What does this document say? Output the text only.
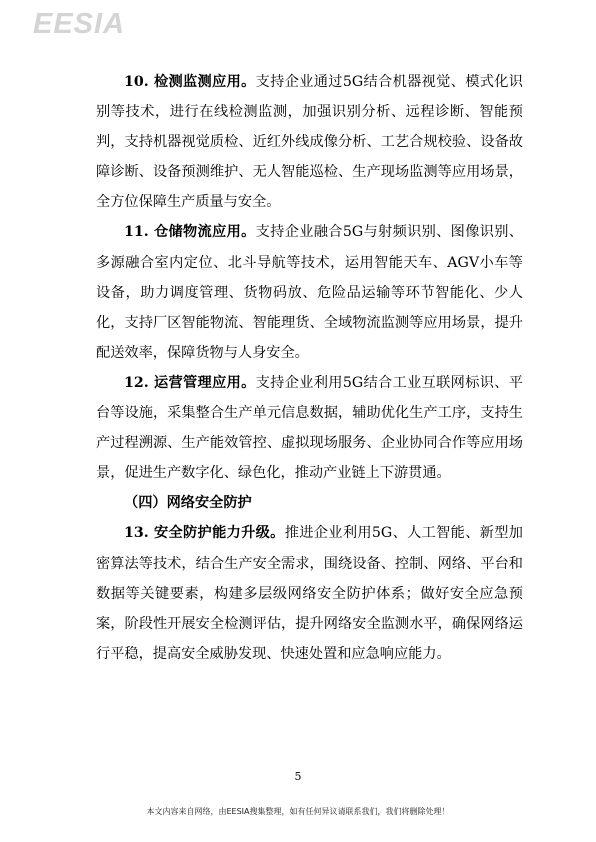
EESIA

10. 检测监测应用。支持企业通过5G结合机器视觉、模式化识别等技术，进行在线检测监测，加强识别分析、远程诊断、智能预判，支持机器视觉质检、近红外线成像分析、工艺合规校验、设备故障诊断、设备预测维护、无人智能巡检、生产现场监测等应用场景，全方位保障生产质量与安全。

11. 仓储物流应用。支持企业融合5G与射频识别、图像识别、多源融合室内定位、北斗导航等技术，运用智能天车、AGV小车等设备，助力调度管理、货物码放、危险品运输等环节智能化、少人化，支持厂区智能物流、智能理货、全域物流监测等应用场景，提升配送效率，保障货物与人身安全。

12. 运营管理应用。支持企业利用5G结合工业互联网标识、平台等设施，采集整合生产单元信息数据，辅助优化生产工序，支持生产过程溯源、生产能效管控、虚拟现场服务、企业协同合作等应用场景，促进生产数字化、绿色化，推动产业链上下游贯通。

（四）网络安全防护

13. 安全防护能力升级。推进企业利用5G、人工智能、新型加密算法等技术，结合生产安全需求，围绕设备、控制、网络、平台和数据等关键要素，构建多层级网络安全防护体系；做好安全应急预案，阶段性开展安全检测评估，提升网络安全监测水平，确保网络运行平稳，提高安全威胁发现、快速处置和应急响应能力。

5
本文内容来自网络，由EESIA搜集整理，如有任何异议请联系我们，我们将删除处理！
